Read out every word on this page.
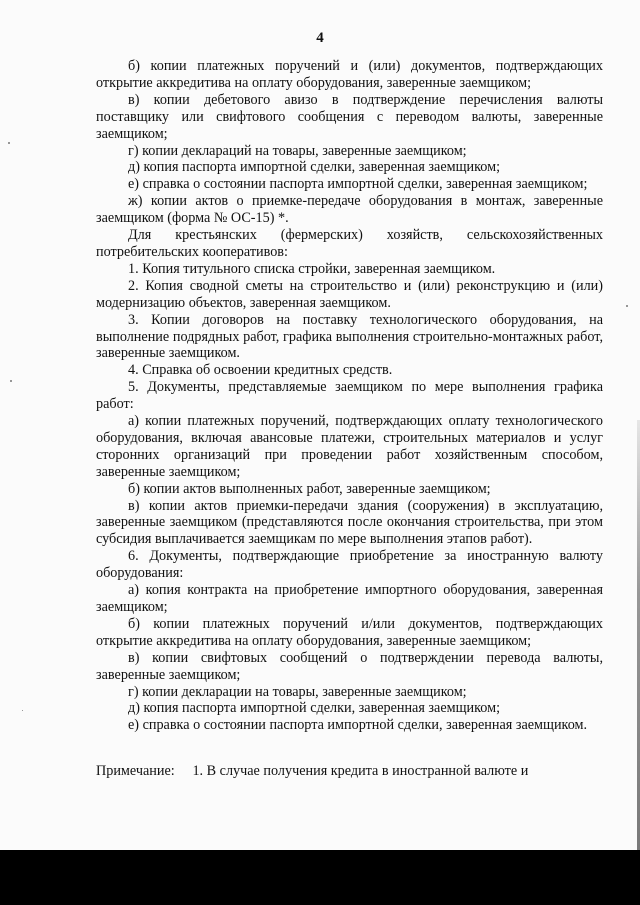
4

б) копии платежных поручений и (или) документов, подтверждающих открытие аккредитива на оплату оборудования, заверенные заемщиком;

в) копии дебетового авизо в подтверждение перечисления валюты поставщику или свифтового сообщения с переводом валюты, заверенные заемщиком;

г) копии деклараций на товары, заверенные заемщиком;

д) копия паспорта импортной сделки, заверенная заемщиком;

е) справка о состоянии паспорта импортной сделки, заверенная заемщиком;

ж) копии актов о приемке-передаче оборудования в монтаж, заверенные заемщиком (форма № ОС-15) *.

Для крестьянских (фермерских) хозяйств, сельскохозяйственных потребительских кооперативов:

1. Копия титульного списка стройки, заверенная заемщиком.

2. Копия сводной сметы на строительство и (или) реконструкцию и (или) модернизацию объектов, заверенная заемщиком.

3. Копии договоров на поставку технологического оборудования, на выполнение подрядных работ, графика выполнения строительно-монтажных работ, заверенные заемщиком.

4. Справка об освоении кредитных средств.

5. Документы, представляемые заемщиком по мере выполнения графика работ:

а) копии платежных поручений, подтверждающих оплату технологического оборудования, включая авансовые платежи, строительных материалов и услуг сторонних организаций при проведении работ хозяйственным способом, заверенные заемщиком;

б) копии актов выполненных работ, заверенные заемщиком;

в) копии актов приемки-передачи здания (сооружения) в эксплуатацию, заверенные заемщиком (представляются после окончания строительства, при этом субсидия выплачивается заемщикам по мере выполнения этапов работ).

6. Документы, подтверждающие приобретение за иностранную валюту оборудования:

а) копия контракта на приобретение импортного оборудования, заверенная заемщиком;

б) копии платежных поручений и/или документов, подтверждающих открытие аккредитива на оплату оборудования, заверенные заемщиком;

в) копии свифтовых сообщений о подтверждении перевода валюты, заверенные заемщиком;

г) копии декларации на товары, заверенные заемщиком;

д) копия паспорта импортной сделки, заверенная заемщиком;

е) справка о состоянии паспорта импортной сделки, заверенная заемщиком.

Примечание: 1. В случае получения кредита в иностранной валюте и
